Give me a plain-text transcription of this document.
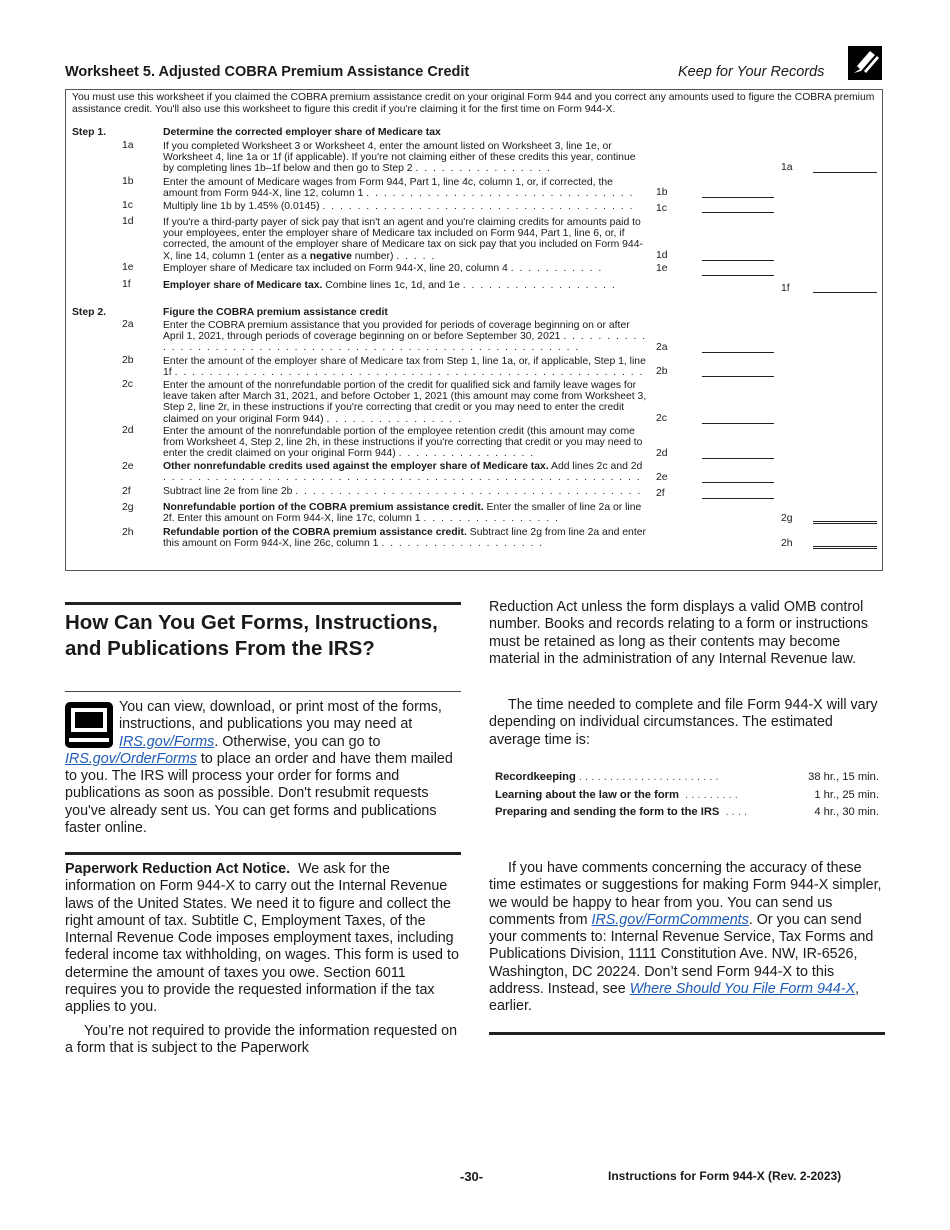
Worksheet 5. Adjusted COBRA Premium Assistance Credit	Keep for Your Records
You must use this worksheet if you claimed the COBRA premium assistance credit on your original Form 944 and you correct any amounts used to figure the COBRA premium assistance credit. You'll also use this worksheet to figure this credit if you're claiming it for the first time on Form 944-X.
Step 1.	Determine the corrected employer share of Medicare tax
1a	If you completed Worksheet 3 or Worksheet 4, enter the amount listed on Worksheet 3, line 1e, or Worksheet 4, line 1a or 1f (if applicable). If you're not claiming either of these credits this year, continue by completing lines 1b–1f below and then go to Step 2 . . . . . . . . . . . . . . . .	1a
1b	Enter the amount of Medicare wages from Form 944, Part 1, line 4c, column 1, or, if corrected, the amount from Form 944-X, line 12, column 1 . . . . . . . . . . . . . . . . . . . . . . . . . . . . . . .	1b
1c	Multiply line 1b by 1.45% (0.0145) . . . . . . . . . . . . . . . . . . . . . . . . . . . . . . . . . . . .	1c
1d	If you're a third-party payer of sick pay that isn't an agent and you're claiming credits for amounts paid to your employees, enter the employer share of Medicare tax included on Form 944, Part 1, line 6, or, if corrected, the amount of the employer share of Medicare tax on sick pay that you included on Form 944-X, line 14, column 1 (enter as a negative number) . . . . .	1d
1e	Employer share of Medicare tax included on Form 944-X, line 20, column 4 . . . . . . . . . . .	1e
1f	Employer share of Medicare tax. Combine lines 1c, 1d, and 1e . . . . . . . . . . . . . . . . . .	1f
Step 2.	Figure the COBRA premium assistance credit
2a	Enter the COBRA premium assistance that you provided for periods of coverage beginning on or after April 1, 2021, through periods of coverage beginning on or before September 30, 2021 . . . . . . . . . . . . . . . . . . . . . . . . . . . . . . . . . . . . . . . . . . . . . . . . . . . . . . . . . .	2a
2b	Enter the amount of the employer share of Medicare tax from Step 1, line 1a, or, if applicable, Step 1, line 1f . . . . . . . . . . . . . . . . . . . . . . . . . . . . . . . . . . . . . . . . . . . . . . . . . . . . . . 2b
2c	Enter the amount of the nonrefundable portion of the credit for qualified sick and family leave wages for leave taken after March 31, 2021, and before October 1, 2021 (this amount may come from Worksheet 3, Step 2, line 2r, in these instructions if you're correcting that credit or you may need to enter the credit claimed on your original Form 944) . . . . . . . . . . . . . . . .	2c
2d	Enter the amount of the nonrefundable portion of the employee retention credit (this amount may come from Worksheet 4, Step 2, line 2h, in these instructions if you're correcting that credit or you may need to enter the credit claimed on your original Form 944) . . . . . . . . . . . . . . . .	2d
2e	Other nonrefundable credits used against the employer share of Medicare tax. Add lines 2c and 2d . . . . . . . . . . . . . . . . . . . . . . . . . . . . . . . . . . . . . . . . . . . . . . . . . . . . . . .	2e
2f	Subtract line 2e from line 2b . . . . . . . . . . . . . . . . . . . . . . . . . . . . . . . . . . . . . . . .	2f
2g	Nonrefundable portion of the COBRA premium assistance credit. Enter the smaller of line 2a or line 2f. Enter this amount on Form 944-X, line 17c, column 1 . . . . . . . . . . . . . . . .	2g
2h	Refundable portion of the COBRA premium assistance credit. Subtract line 2g from line 2a and enter this amount on Form 944-X, line 26c, column 1 . . . . . . . . . . . . . . . . . . .	2h
How Can You Get Forms, Instructions, and Publications From the IRS?
You can view, download, or print most of the forms, instructions, and publications you may need at IRS.gov/Forms. Otherwise, you can go to IRS.gov/OrderForms to place an order and have them mailed to you. The IRS will process your order for forms and publications as soon as possible. Don't resubmit requests you've already sent us. You can get forms and publications faster online.
Paperwork Reduction Act Notice. We ask for the information on Form 944-X to carry out the Internal Revenue laws of the United States. We need it to figure and collect the right amount of tax. Subtitle C, Employment Taxes, of the Internal Revenue Code imposes employment taxes, including federal income tax withholding, on wages. This form is used to determine the amount of taxes you owe. Section 6011 requires you to provide the requested information if the tax applies to you.
You’re not required to provide the information requested on a form that is subject to the Paperwork
Reduction Act unless the form displays a valid OMB control number. Books and records relating to a form or instructions must be retained as long as their contents may become material in the administration of any Internal Revenue law.
The time needed to complete and file Form 944-X will vary depending on individual circumstances. The estimated average time is:
Recordkeeping . . . . . . . . . . . . . . . . . . . . . . .	38 hr., 15 min.
Learning about the law or the form . . . . . . . . .	1 hr., 25 min.
Preparing and sending the form to the IRS . . . .	4 hr., 30 min.
If you have comments concerning the accuracy of these time estimates or suggestions for making Form 944-X simpler, we would be happy to hear from you. You can send us comments from IRS.gov/FormComments. Or you can send your comments to: Internal Revenue Service, Tax Forms and Publications Division, 1111 Constitution Ave. NW, IR-6526, Washington, DC 20224. Don’t send Form 944-X to this address. Instead, see Where Should You File Form 944-X, earlier.
-30-	Instructions for Form 944-X (Rev. 2-2023)
